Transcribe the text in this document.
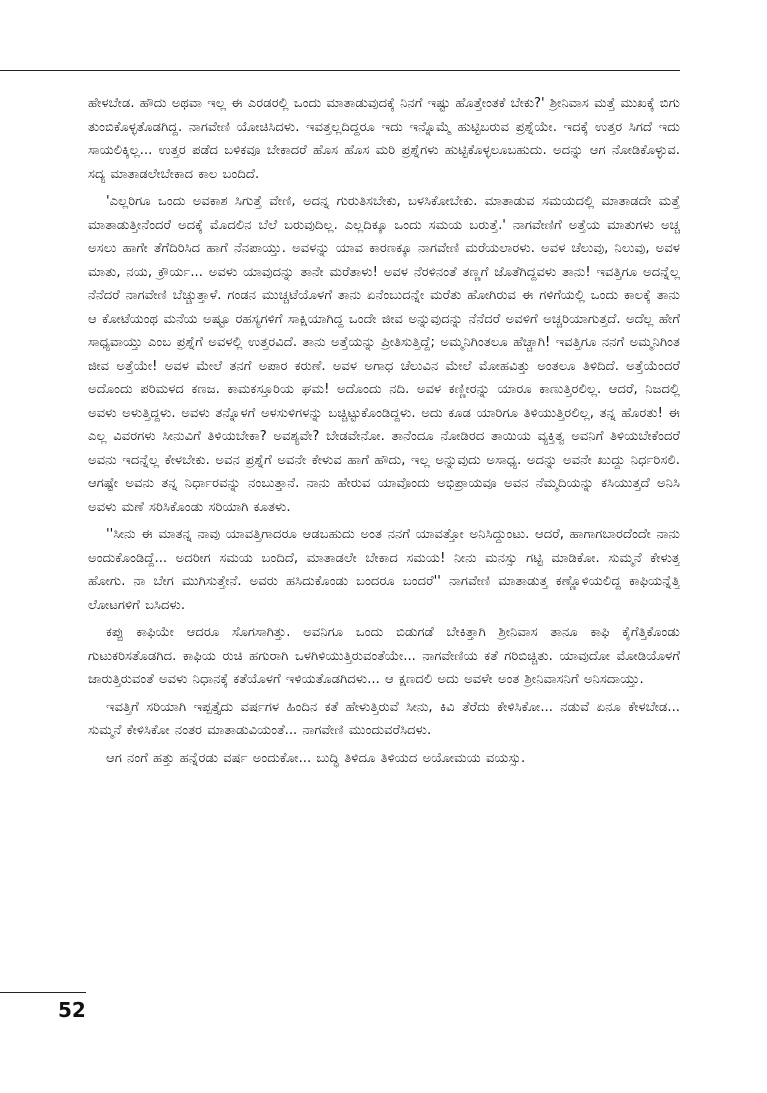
ಹೇಳಬೇಡ. ಹೌದು ಅಥವಾ ಇಲ್ಲ ಈ ಎರಡರಲ್ಲಿ ಒಂದು ಮಾತಾಡುವುದಕ್ಕೆ ನಿನಗೆ ಇಷ್ಟು ಹೊತ್ತೇಂತಕೆ ಬೇಕು?' ಶ್ರೀನಿವಾಸ ಮತ್ತೆ ಮುಖಕ್ಕೆ ಬಿಗು ತುಂಬಿಕೊಳ್ಳತೊಡಗಿದ್ದ. ನಾಗವೇಣಿ ಯೋಚಿಸಿದಳು. ಇವತ್ತಲ್ಲದಿದ್ದರೂ ಇದು ಇನ್ನೊಮ್ಮೆ ಹುಟ್ಟಿಬರುವ ಪ್ರಶ್ನೆಯೇ. ಇದಕ್ಕೆ ಉತ್ತರ ಸಿಗದೆ ಇದು ಸಾಯಲಿಕ್ಕಿಲ್ಲ... ಉತ್ತರ ಪಡೆದ ಬಳಿಕವೂ ಬೇಕಾದರೆ ಹೊಸ ಹೊಸ ಮರಿ ಪ್ರಶ್ನೆಗಳು ಹುಟ್ಟಿಕೊಳ್ಳಲೂಬಹುದು. ಅದನ್ನು ಆಗ ನೋಡಿಕೊಳ್ಳುವ. ಸದ್ಯ ಮಾತಾಡಲೇಬೇಕಾದ ಕಾಲ ಬಂದಿದೆ.

'ಎಲ್ಲರಿಗೂ ಒಂದು ಅವಕಾಶ ಸಿಗುತ್ತೆ ವೇಣಿ, ಅದನ್ನ ಗುರುತಿಸಬೇಕು, ಬಳಸಿಕೋಬೇಕು. ಮಾತಾಡುವ ಸಮಯದಲ್ಲಿ ಮಾತಾಡದೇ ಮತ್ತೆ ಮಾತಾಡುತ್ತೀನೆಂದರೆ ಅದಕ್ಕೆ ಮೊದಲಿನ ಬೆಲೆ ಬರುವುದಿಲ್ಲ. ಎಲ್ಲದಿಕ್ಕೂ ಒಂದು ಸಮಯ ಬರುತ್ತೆ.' ನಾಗವೇಣಿಗೆ ಅತ್ತೆಯ ಮಾತುಗಳು ಅಚ್ಚ ಅಸಲು ಹಾಗೇ ತೆಗೆದಿರಿಸಿದ ಹಾಗೆ ನೆನಪಾಯ್ತು. ಅವಳನ್ನು ಯಾವ ಕಾರಣಕ್ಕೂ ನಾಗವೇಣಿ ಮರೆಯಲಾರಳು. ಅವಳ ಚೆಲುವು, ನಿಲುವು, ಅವಳ ಮಾತು, ನಯ, ಕ್ರೌರ್ಯ... ಅವಳು ಯಾವುದನ್ನು ತಾನೇ ಮರೆತಾಳು! ಅವಳ ನೆರಳಿನಂತೆ ತಣ್ಣಗೆ ಜೊತೆಗಿದ್ದವಳು ತಾನು! ಇವತ್ತಿಗೂ ಅದನ್ನೆಲ್ಲ ನೆನೆದರೆ ನಾಗವೇಣಿ ಬೆಚ್ಚುತ್ತಾಳೆ. ಗಂಡನ ಮುಚ್ಚಟೆಯೊಳಗೆ ತಾನು ಏನೆಂಬುದನ್ನೇ ಮರೆತು ಹೋಗಿರುವ ಈ ಗಳಿಗೆಯಲ್ಲಿ ಒಂದು ಕಾಲಕ್ಕೆ ತಾನು ಆ ಕೋಟೆಯಂಥ ಮನೆಯ ಅಷ್ಟೂ ರಹಸ್ಯಗಳಿಗೆ ಸಾಕ್ಷಿಯಾಗಿದ್ದ ಒಂದೇ ಜೀವ ಅನ್ನುವುದನ್ನು ನೆನೆದರೆ ಅವಳಿಗೆ ಅಚ್ಚರಿಯಾಗುತ್ತದೆ. ಅದೆಲ್ಲ ಹೇಗೆ ಸಾಧ್ಯವಾಯ್ತು ಎಂಬ ಪ್ರಶ್ನೆಗೆ ಅವಳಲ್ಲಿ ಉತ್ತರವಿದೆ. ತಾನು ಅತ್ತೆಯನ್ನು ಪ್ರೀತಿಸುತ್ತಿದ್ದೆ; ಅಮ್ಮನಿಗಿಂತಲೂ ಹೆಚ್ಚಾಗಿ! ಇವತ್ತಿಗೂ ನನಗೆ ಅಮ್ಮನಿಗಿಂತ ಜೀವ ಅತ್ತೆಯೇ! ಅವಳ ಮೇಲೆ ತನಗೆ ಅಪಾರ ಕರುಣೆ. ಅವಳ ಅಗಾಧ ಚೆಲುವಿನ ಮೇಲೆ ಮೋಹವಿತ್ತು ಅಂತಲೂ ತಿಳಿದಿದೆ. ಅತ್ತೆಯೆಂದರೆ ಅದೊಂದು ಪರಿಮಳದ ಕಣಜ. ಕಾಮಕಸ್ತೂರಿಯ ಘಮ! ಅದೊಂದು ನದಿ. ಅವಳ ಕಣ್ಣೀರನ್ನು ಯಾರೂ ಕಾಣುತ್ತಿರಲಿಲ್ಲ. ಆದರೆ, ನಿಜದಲ್ಲಿ ಅವಳು ಅಳುತ್ತಿದ್ದಳು. ಅವಳು ತನ್ನೊಳಗೆ ಅಳಸುಳಿಗಳನ್ನು ಬಚ್ಚಿಟ್ಟುಕೊಂಡಿದ್ದಳು. ಅದು ಕೂಡ ಯಾರಿಗೂ ತಿಳಿಯುತ್ತಿರಲಿಲ್ಲ, ತನ್ನ ಹೊರತು! ಈ ಎಲ್ಲ ವಿವರಗಳು ಸೀನುವಿಗೆ ತಿಳಿಯಬೇಕಾ? ಅವಶ್ಯವೇ? ಬೇಡವೇನೋ. ತಾನೆಂದೂ ನೋಡಿರದ ತಾಯಿಯ ವ್ಯಕ್ತಿತ್ವ ಅವನಿಗೆ ತಿಳಿಯಬೇಕೆಂದರೆ ಅವನು ಇದನ್ನೆಲ್ಲ ಕೇಳಬೇಕು. ಅವನ ಪ್ರಶ್ನೆಗೆ ಅವನೇ ಕೇಳುವ ಹಾಗೆ ಹೌದು, ಇಲ್ಲ ಅನ್ನುವುದು ಅಸಾಧ್ಯ. ಅದನ್ನು ಅವನೇ ಖುದ್ದು ನಿರ್ಧರಿಸಲಿ. ಆಗಷ್ಟೇ ಅವನು ತನ್ನ ನಿರ್ಧಾರವನ್ನು ನಂಬುತ್ತಾನೆ. ನಾನು ಹೇರುವ ಯಾವೊಂದು ಅಭಿಪ್ರಾಯವೂ ಅವನ ನೆಮ್ಮದಿಯನ್ನು ಕಸಿಯುತ್ತದೆ ಅನಿಸಿ ಅವಳು ಮಣೆ ಸರಿಸಿಕೊಂಡು ಸರಿಯಾಗಿ ಕೂತಳು.

''ಸೀನು ಈ ಮಾತನ್ನ ನಾವು ಯಾವತ್ತಿಗಾದರೂ ಆಡಬಹುದು ಅಂತ ನನಗೆ ಯಾವತ್ತೋ ಅನಿಸಿದ್ದುಂಟು. ಆದರೆ, ಹಾಗಾಗಬಾರದೆಂದೇ ನಾನು ಅಂದುಕೊಂಡಿದ್ದೆ... ಅದರೀಗ ಸಮಯ ಬಂದಿದೆ, ಮಾತಾಡಲೇ ಬೇಕಾದ ಸಮಯ! ನೀನು ಮನಸ್ಸು ಗಟ್ಟಿ ಮಾಡಿಕೋ. ಸುಮ್ಮನೆ ಕೇಳುತ್ತ ಹೋಗು. ನಾ ಬೇಗ ಮುಗಿಸುತ್ತೇನೆ. ಅವರು ಹಸಿದುಕೊಂಡು ಬಂದರೂ ಬಂದರೆ'' ನಾಗವೇಣಿ ಮಾತಾಡುತ್ತ ಕಣ್ಣೊಳಿಯಲಿದ್ದ ಕಾಫಿಯನ್ನೆತ್ತಿ ಲೋಟಗಳಿಗೆ ಬಸಿದಳು.

ಕಪ್ಪು ಕಾಫಿಯೇ ಆದರೂ ಸೊಗಸಾಗಿತ್ತು. ಅವನಿಗೂ ಒಂದು ಬಿಡುಗಡೆ ಬೇಕಿತ್ತಾಗಿ ಶ್ರೀನಿವಾಸ ತಾನೂ ಕಾಫಿ ಕೈಗೆತ್ತಿಕೊಂಡು ಗುಟುಕರಿಸತೊಡಗಿದ. ಕಾಫಿಯ ರುಚಿ ಹಗುರಾಗಿ ಒಳಗಿಳಿಯುತ್ತಿರುವಂತೆಯೇ... ನಾಗವೇಣಿಯ ಕತೆ ಗರಿಬಿಚ್ಚಿತು. ಯಾವುದೋ ಮೋಡಿಯೊಳಗೆ ಜಾರುತ್ತಿರುವಂತೆ ಅವಳು ನಿಧಾನಕ್ಕೆ ಕತೆಯೊಳಗೆ ಇಳಿಯತೊಡಗಿದಳು... ಆ ಕ್ಷಣದಲಿ ಅದು ಅವಳೇ ಅಂತ ಶ್ರೀನಿವಾಸನಿಗೆ ಅನಿಸದಾಯ್ತು.

ಇವತ್ತಿಗೆ ಸರಿಯಾಗಿ ಇಪ್ಪತ್ತೈದು ವರ್ಷಗಳ ಹಿಂದಿನ ಕತೆ ಹೇಳುತ್ತಿರುವೆ ಸೀನು, ಕಿವಿ ತೆರೆದು ಕೇಳಿಸಿಕೋ... ನಡುವೆ ಏನೂ ಕೇಳಬೇಡ... ಸುಮ್ಮನೆ ಕೇಳಿಸಿಕೋ ನಂತರ ಮಾತಾಡುವಿಯಂತೆ... ನಾಗವೇಣಿ ಮುಂದುವರೆಸಿದಳು.

ಆಗ ನಂಗೆ ಹತ್ತು ಹನ್ನೆರಡು ವರ್ಷ ಅಂದುಕೋ... ಬುದ್ಧಿ ತಿಳಿದೂ ತಿಳಿಯದ ಅಯೋಮಯ ವಯಸ್ಸು.

52
